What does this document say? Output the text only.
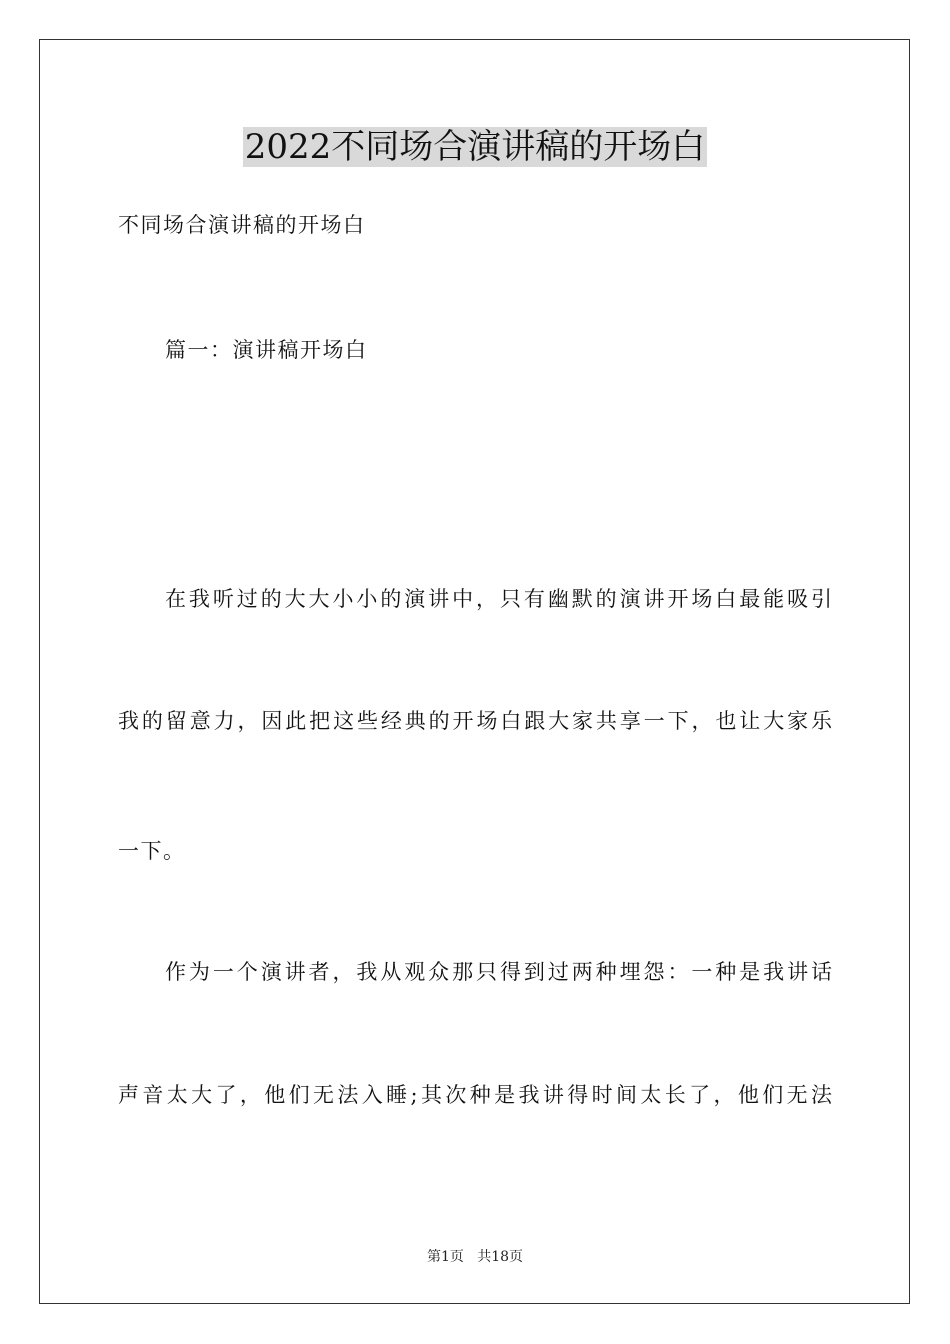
2022不同场合演讲稿的开场白
不同场合演讲稿的开场白
篇一：演讲稿开场白
在我听过的大大小小的演讲中，只有幽默的演讲开场白最能吸引
我的留意力，因此把这些经典的开场白跟大家共享一下，也让大家乐
一下。
作为一个演讲者，我从观众那只得到过两种埋怨：一种是我讲话
声音太大了，他们无法入睡;其次种是我讲得时间太长了，他们无法
第1页   共18页
